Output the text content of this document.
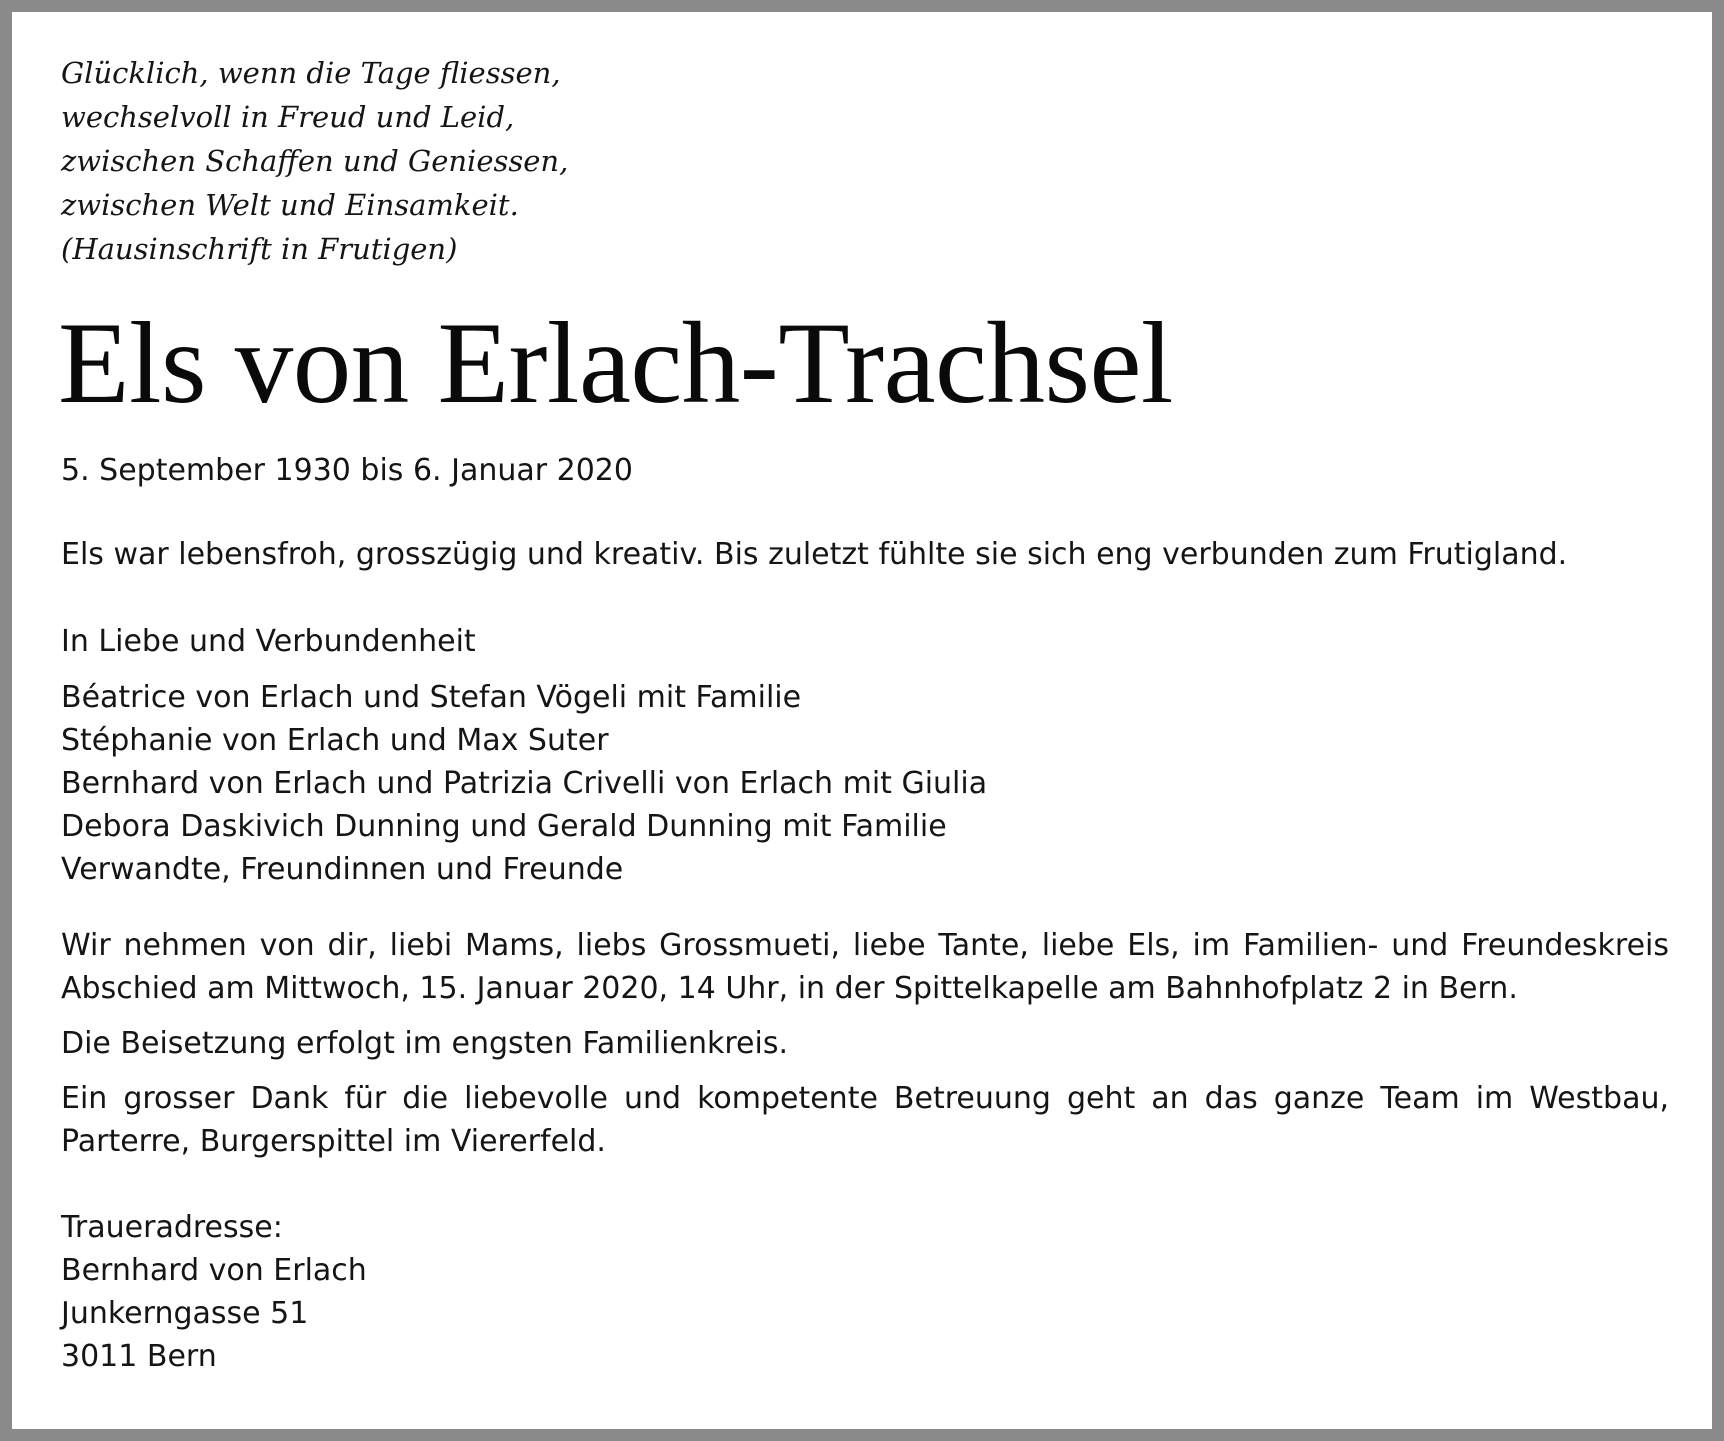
Glücklich, wenn die Tage fliessen,
wechselvoll in Freud und Leid,
zwischen Schaffen und Geniessen,
zwischen Welt und Einsamkeit.
(Hausinschrift in Frutigen)
Els von Erlach-Trachsel
5. September 1930 bis 6. Januar 2020
Els war lebensfroh, grosszügig und kreativ. Bis zuletzt fühlte sie sich eng verbunden zum Frutigland.
In Liebe und Verbundenheit
Béatrice von Erlach und Stefan Vögeli mit Familie
Stéphanie von Erlach und Max Suter
Bernhard von Erlach und Patrizia Crivelli von Erlach mit Giulia
Debora Daskivich Dunning und Gerald Dunning mit Familie
Verwandte, Freundinnen und Freunde

Wir nehmen von dir, liebi Mams, liebs Grossmueti, liebe Tante, liebe Els, im Familien- und Freundeskreis Abschied am Mittwoch, 15. Januar 2020, 14 Uhr, in der Spittelkapelle am Bahnhofplatz 2 in Bern.

Die Beisetzung erfolgt im engsten Familienkreis.

Ein grosser Dank für die liebevolle und kompetente Betreuung geht an das ganze Team im Westbau, Parterre, Burgerspittel im Viererfeld.

Traueradresse:
Bernhard von Erlach
Junkerngasse 51
3011 Bern
